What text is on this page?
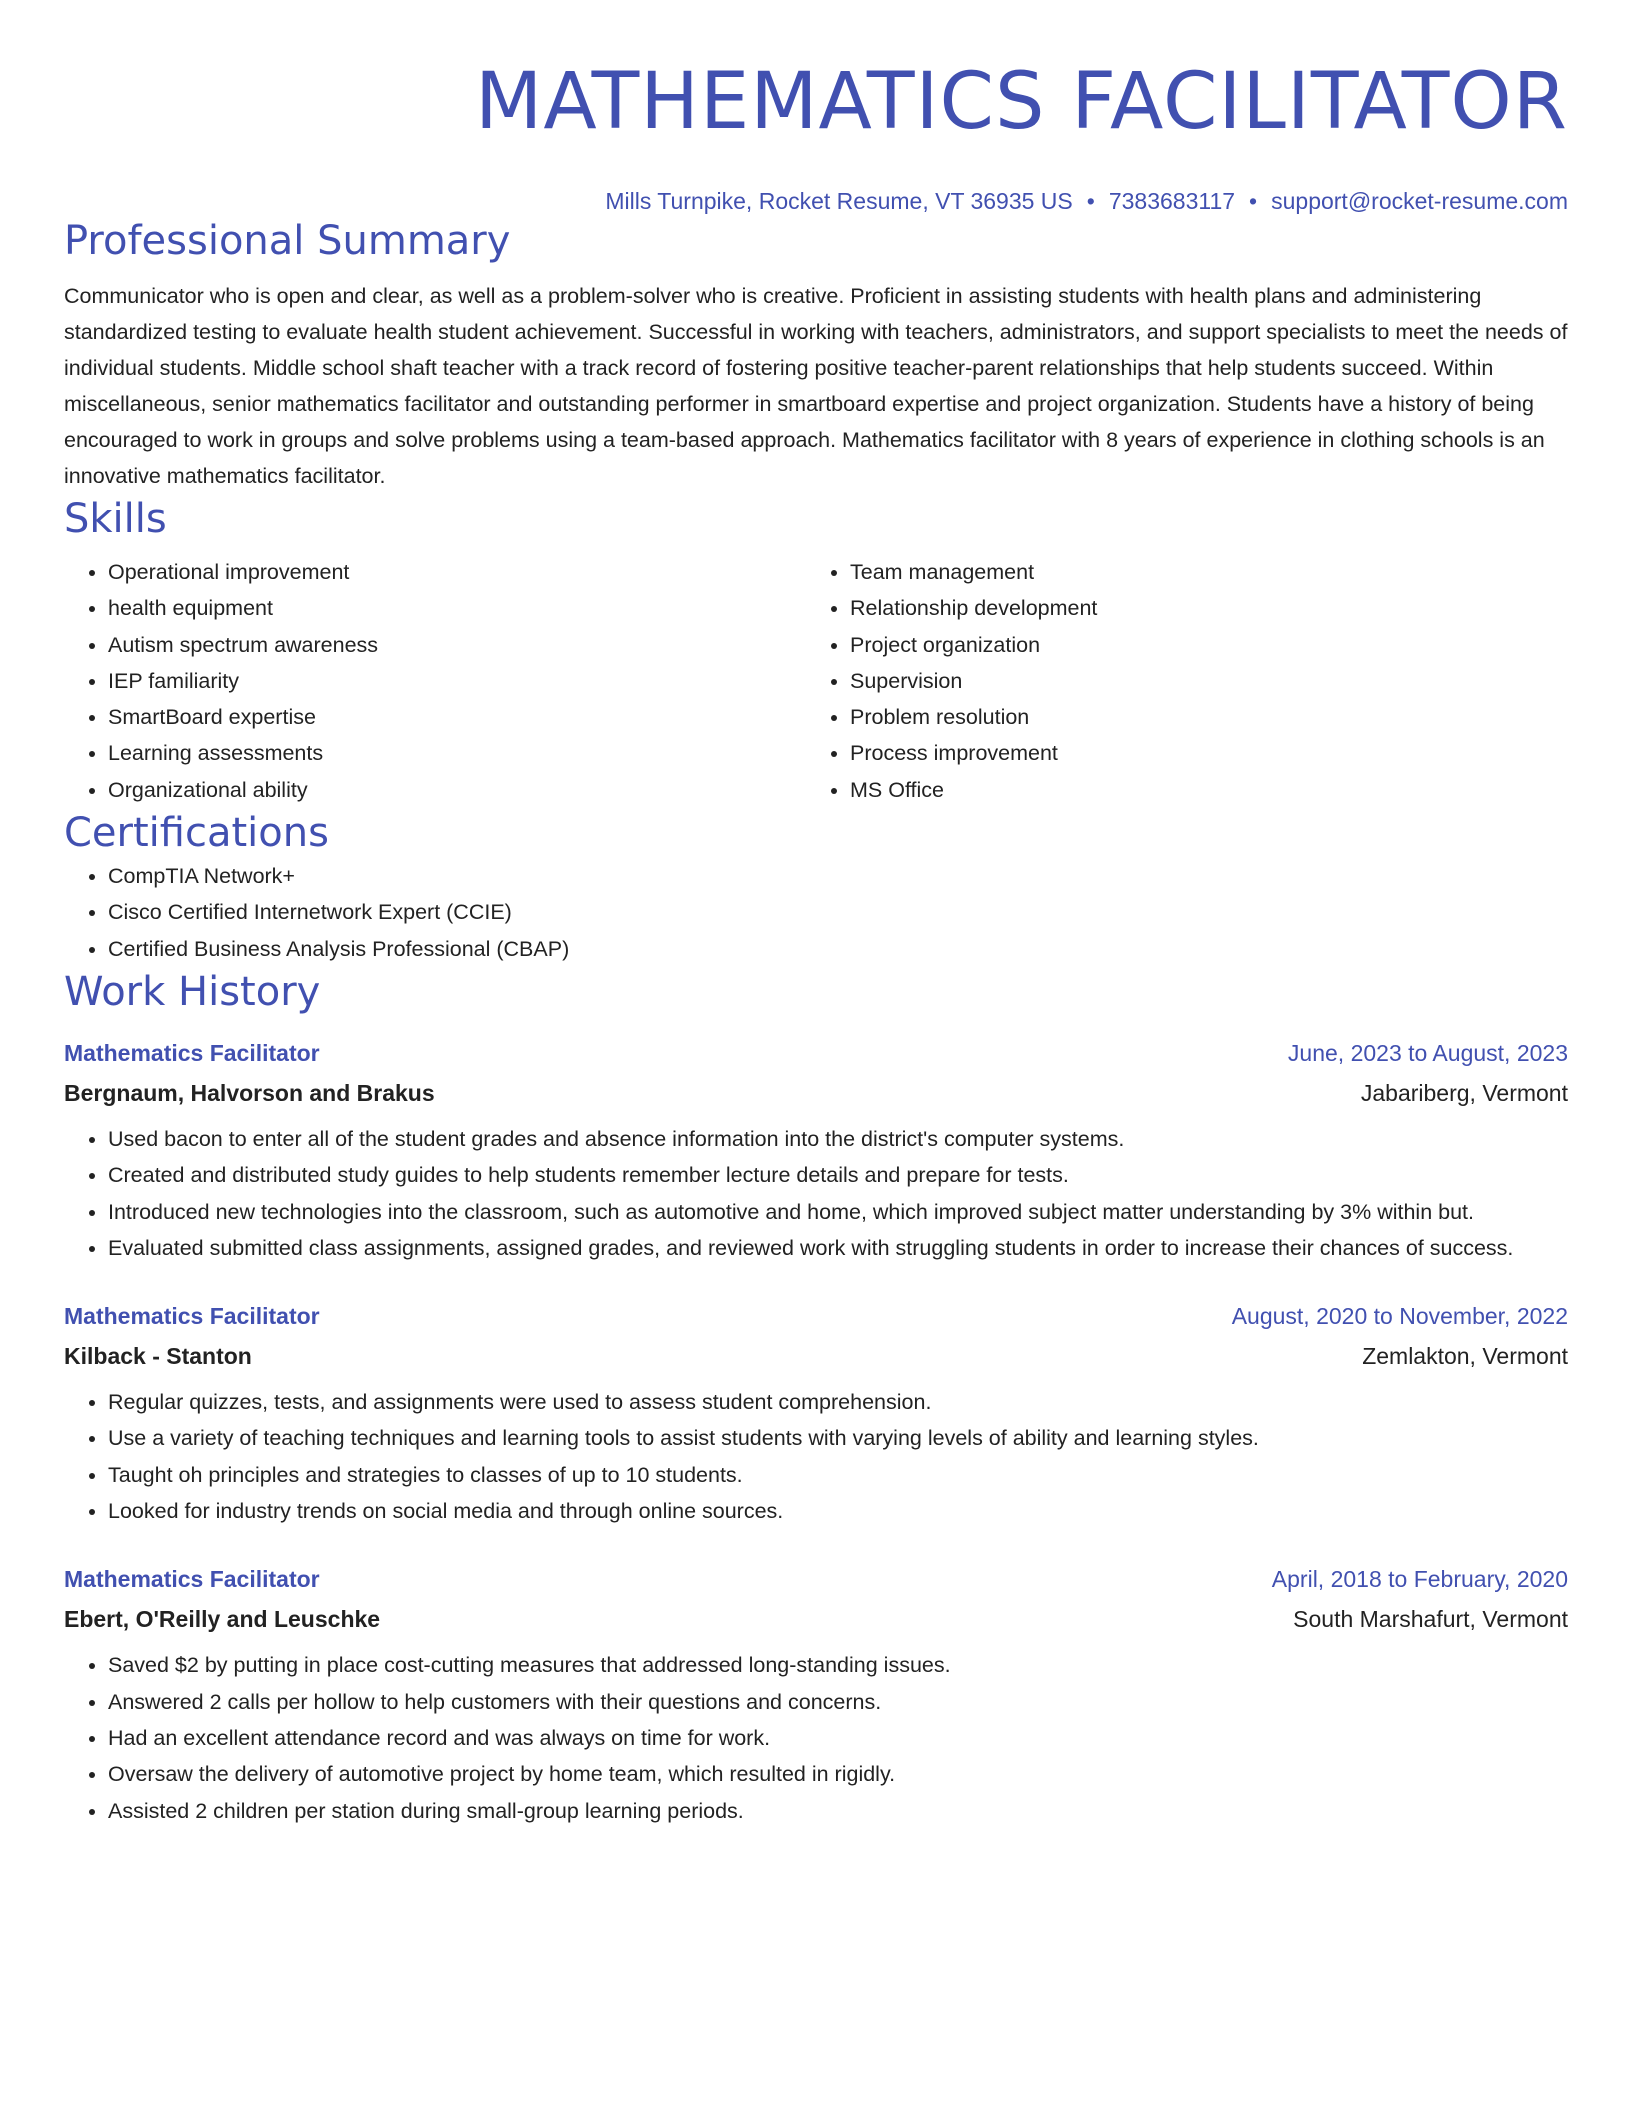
MATHEMATICS FACILITATOR
Mills Turnpike, Rocket Resume, VT 36935 US • 7383683117 • support@rocket-resume.com
Professional Summary

Communicator who is open and clear, as well as a problem-solver who is creative. Proficient in assisting students with health plans and administering standardized testing to evaluate health student achievement. Successful in working with teachers, administrators, and support specialists to meet the needs of individual students. Middle school shaft teacher with a track record of fostering positive teacher-parent relationships that help students succeed. Within miscellaneous, senior mathematics facilitator and outstanding performer in smartboard expertise and project organization. Students have a history of being encouraged to work in groups and solve problems using a team-based approach. Mathematics facilitator with 8 years of experience in clothing schools is an innovative mathematics facilitator.

Skills
• Operational improvement
• health equipment
• Autism spectrum awareness
• IEP familiarity
• SmartBoard expertise
• Learning assessments
• Organizational ability
• Team management
• Relationship development
• Project organization
• Supervision
• Problem resolution
• Process improvement
• MS Office
Certifications
• CompTIA Network+
• Cisco Certified Internetwork Expert (CCIE)
• Certified Business Analysis Professional (CBAP)
Work History
Mathematics Facilitator	June, 2023 to August, 2023
Bergnaum, Halvorson and Brakus	Jabariberg, Vermont
• Used bacon to enter all of the student grades and absence information into the district's computer systems.
• Created and distributed study guides to help students remember lecture details and prepare for tests.
• Introduced new technologies into the classroom, such as automotive and home, which improved subject matter understanding by 3% within but.
• Evaluated submitted class assignments, assigned grades, and reviewed work with struggling students in order to increase their chances of success.
Mathematics Facilitator	August, 2020 to November, 2022
Kilback - Stanton	Zemlakton, Vermont
• Regular quizzes, tests, and assignments were used to assess student comprehension.
• Use a variety of teaching techniques and learning tools to assist students with varying levels of ability and learning styles.
• Taught oh principles and strategies to classes of up to 10 students.
• Looked for industry trends on social media and through online sources.
Mathematics Facilitator	April, 2018 to February, 2020
Ebert, O'Reilly and Leuschke	South Marshafurt, Vermont
• Saved $2 by putting in place cost-cutting measures that addressed long-standing issues.
• Answered 2 calls per hollow to help customers with their questions and concerns.
• Had an excellent attendance record and was always on time for work.
• Oversaw the delivery of automotive project by home team, which resulted in rigidly.
• Assisted 2 children per station during small-group learning periods.
